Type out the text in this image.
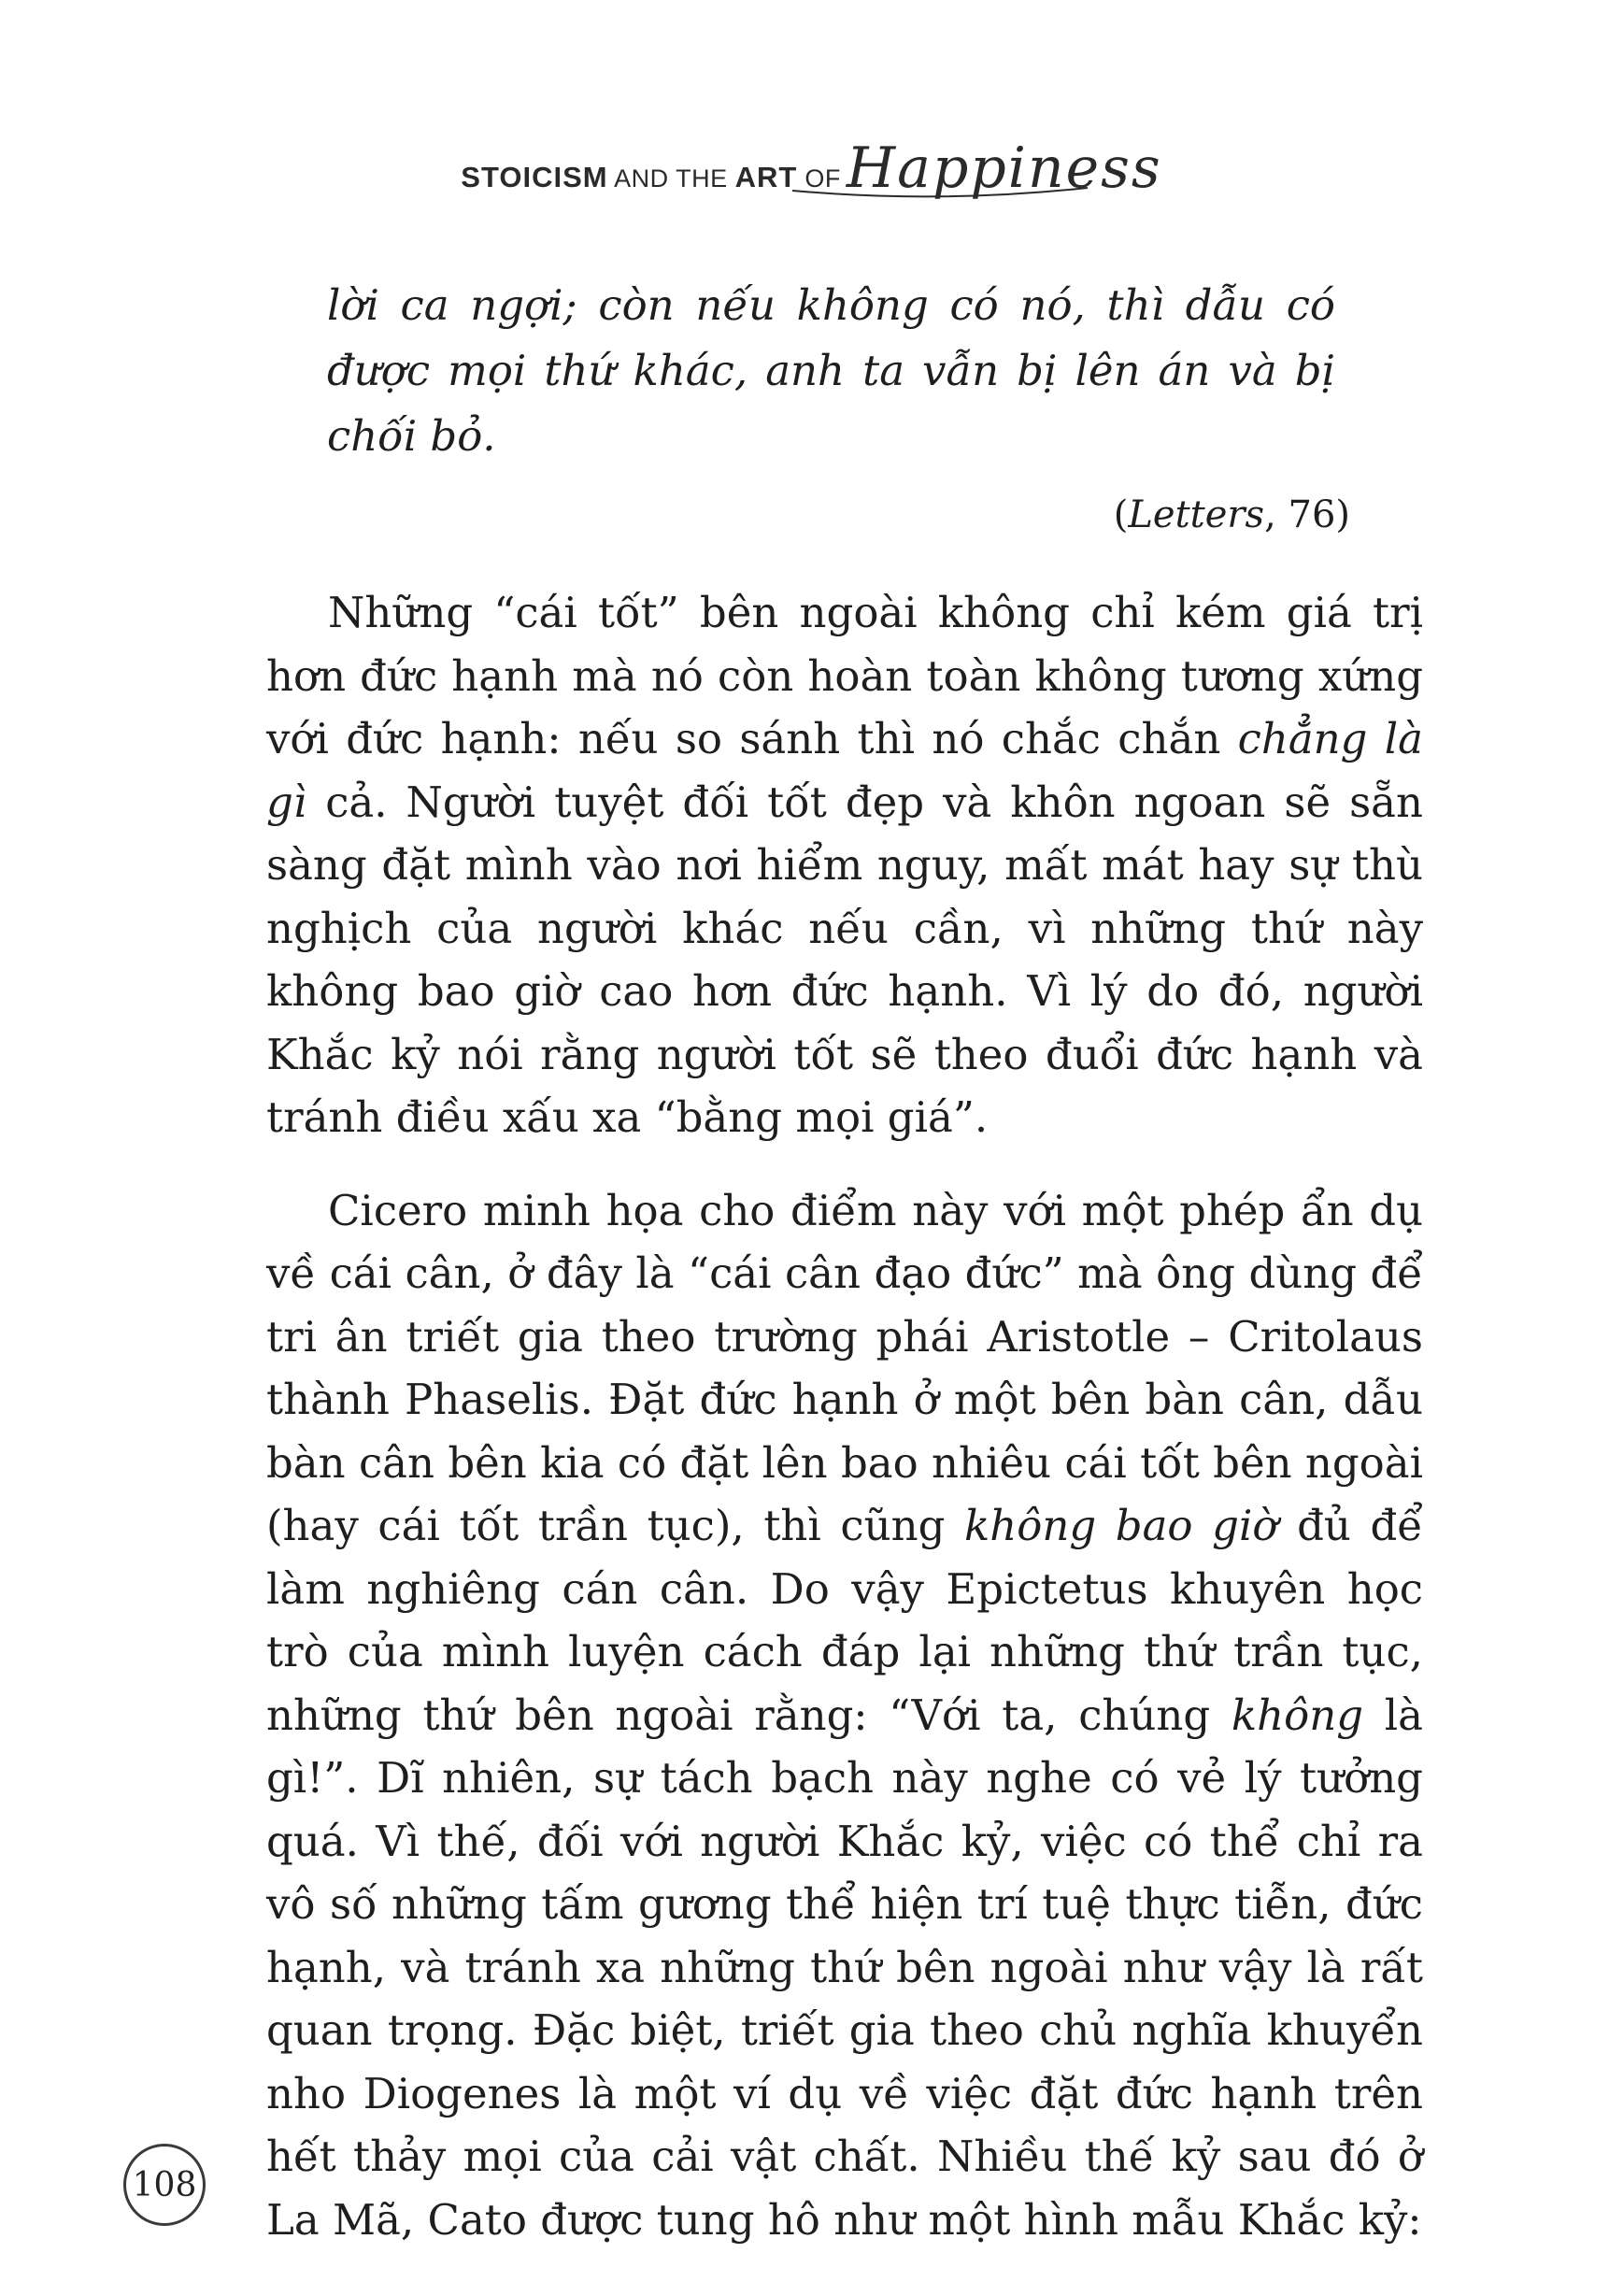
STOICISM AND THE ART OF Happiness
lời ca ngợi; còn nếu không có nó, thì dẫu có được mọi thứ khác, anh ta vẫn bị lên án và bị chối bỏ.
(Letters, 76)

Những “cái tốt” bên ngoài không chỉ kém giá trị hơn đức hạnh mà nó còn hoàn toàn không tương xứng với đức hạnh: nếu so sánh thì nó chắc chắn chẳng là gì cả. Người tuyệt đối tốt đẹp và khôn ngoan sẽ sẵn sàng đặt mình vào nơi hiểm nguy, mất mát hay sự thù nghịch của người khác nếu cần, vì những thứ này không bao giờ cao hơn đức hạnh. Vì lý do đó, người Khắc kỷ nói rằng người tốt sẽ theo đuổi đức hạnh và tránh điều xấu xa “bằng mọi giá”.

Cicero minh họa cho điểm này với một phép ẩn dụ về cái cân, ở đây là “cái cân đạo đức” mà ông dùng để tri ân triết gia theo trường phái Aristotle – Critolaus thành Phaselis. Đặt đức hạnh ở một bên bàn cân, dẫu bàn cân bên kia có đặt lên bao nhiêu cái tốt bên ngoài (hay cái tốt trần tục), thì cũng không bao giờ đủ để làm nghiêng cán cân. Do vậy Epictetus khuyên học trò của mình luyện cách đáp lại những thứ trần tục, những thứ bên ngoài rằng: “Với ta, chúng không là gì!”. Dĩ nhiên, sự tách bạch này nghe có vẻ lý tưởng quá. Vì thế, đối với người Khắc kỷ, việc có thể chỉ ra vô số những tấm gương thể hiện trí tuệ thực tiễn, đức hạnh, và tránh xa những thứ bên ngoài như vậy là rất quan trọng. Đặc biệt, triết gia theo chủ nghĩa khuyển nho Diogenes là một ví dụ về việc đặt đức hạnh trên hết thảy mọi của cải vật chất. Nhiều thế kỷ sau đó ở La Mã, Cato được tung hô như một hình mẫu Khắc kỷ:

108
